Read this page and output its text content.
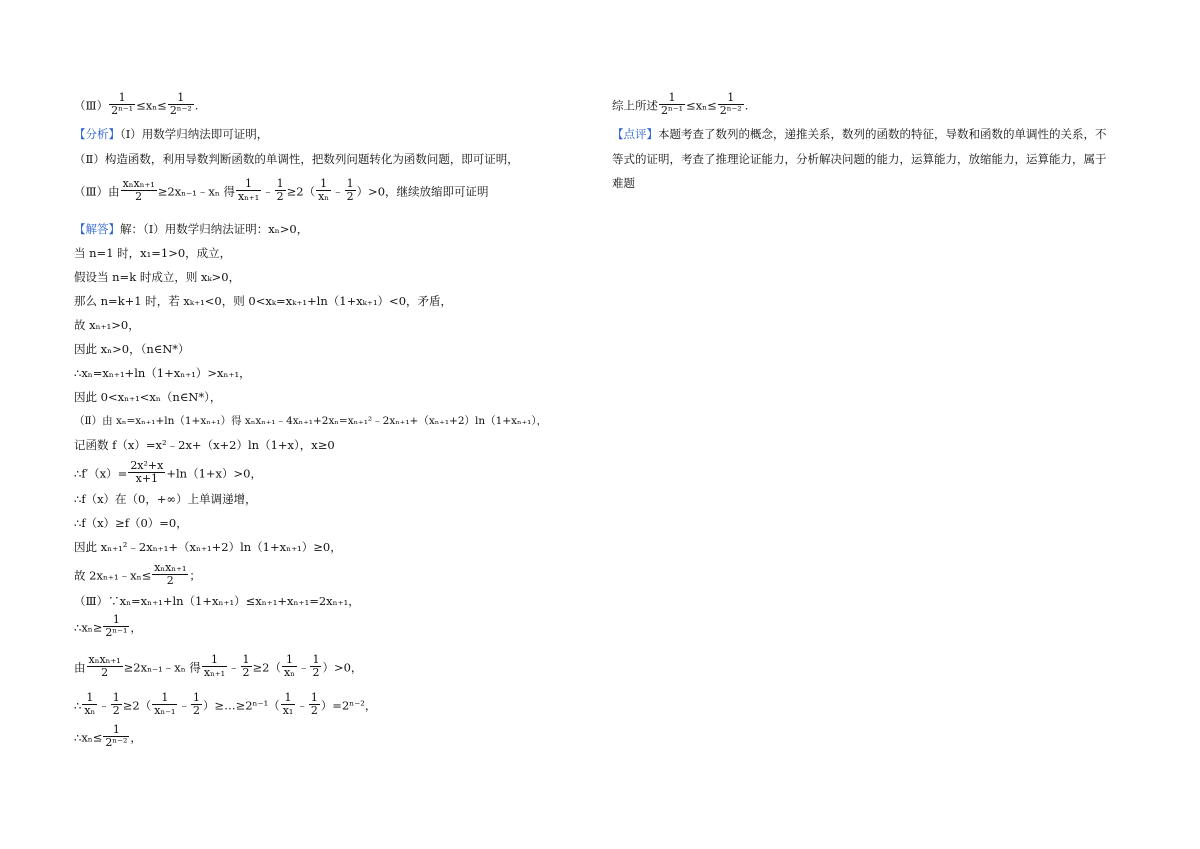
（Ⅲ） $\frac{1}{\text{2ⁿ⁻¹}} \le x_n\le \frac{1}{\text{2ⁿ⁻²}}$ .
【分析】（Ⅰ）用数学归纳法即可证明，
（Ⅱ）构造函数，利用导数判断函数的单调性，把数列问题转化为函数问题，即可证明，
（Ⅲ）由 $\frac{\text{xₙxₙ₊₁}}{2}$ ≥2xₙ₋₁﹣xₙ 得 $\frac{1}{\text{xₙ₊₁}}$ ﹣ $\frac{1}{2} \ge 2( \frac{1}{\text{xₙ}}$ ﹣ $\frac{1}{2} )>0$，继续放缩即可证明
【解答】解：（Ⅰ）用数学归纳法证明：xₙ>0，
当 n=1 时，x₁=1>0，成立，
假设当 n=k 时成立，则 xₖ>0，
那么 n=k+1 时，若 xₖ₊₁<0，则 0<xₖ=xₖ₊₁+ln（1+xₖ₊₁）<0，矛盾，
故 xₙ₊₁>0，
因此 xₙ>0，（n∈N*）
∴xₙ=xₙ₊₁+ln（1+xₙ₊₁）>xₙ₊₁，
因此 0<xₙ₊₁<xₙ（n∈N*），
（Ⅱ）由 xₙ=xₙ₊₁+ln（1+xₙ₊₁）得 xₙxₙ₊₁﹣4xₙ₊₁+2xₙ=xₙ₊₁²﹣2xₙ₊₁+（xₙ₊₁+2）ln（1+xₙ₊₁），
记函数 f（x）=x²﹣2x+（x+2）ln（1+x），x≥0
∴f′（x）= $\frac{\text{2x²+x}}{x+1} +\ln(1+x)>0$，
∴f（x）在（0，+∞）上单调递增，
∴f（x）≥f（0）=0，
因此 xₙ₊₁²﹣2xₙ₊₁+（xₙ₊₁+2）ln（1+xₙ₊₁）≥0，
故 2xₙ₊₁﹣xₙ≤ $\frac{\text{xₙxₙ₊₁}}{2}$ ；
（Ⅲ）∵xₙ=xₙ₊₁+ln（1+xₙ₊₁）≤xₙ₊₁+xₙ₊₁=2xₙ₊₁，
∴xₙ≥ $\frac{1}{\text{2ⁿ⁻¹}}$ ，
由 $\frac{\text{xₙxₙ₊₁}}{2}$ ≥2xₙ₋₁﹣xₙ 得 $\frac{1}{\text{xₙ₊₁}}$ ﹣ $\frac{1}{2} \ge 2( \frac{1}{\text{xₙ}}$ ﹣ $\frac{1}{2} )>0$，
∴ $\frac{1}{\text{xₙ}}$ ﹣ $\frac{1}{2} \ge 2( \frac{1}{\text{xₙ₋₁}}$ ﹣ $\frac{1}{2}$ ）≥…≥2ⁿ⁻¹（ $\frac{1}{\text{x₁}}$ ﹣ $\frac{1}{2} )=2^{n-2}$，
∴xₙ≤ $\frac{1}{\text{2ⁿ⁻²}}$ ，
综上所述 $\frac{1}{\text{2ⁿ⁻¹}} \le x_n\le \frac{1}{\text{2ⁿ⁻²}}$ .
【点评】本题考查了数列的概念，递推关系，数列的函数的特征，导数和函数的单调性的关系，不
等式的证明，考查了推理论证能力，分析解决问题的能力，运算能力，放缩能力，运算能力，属于
难题
